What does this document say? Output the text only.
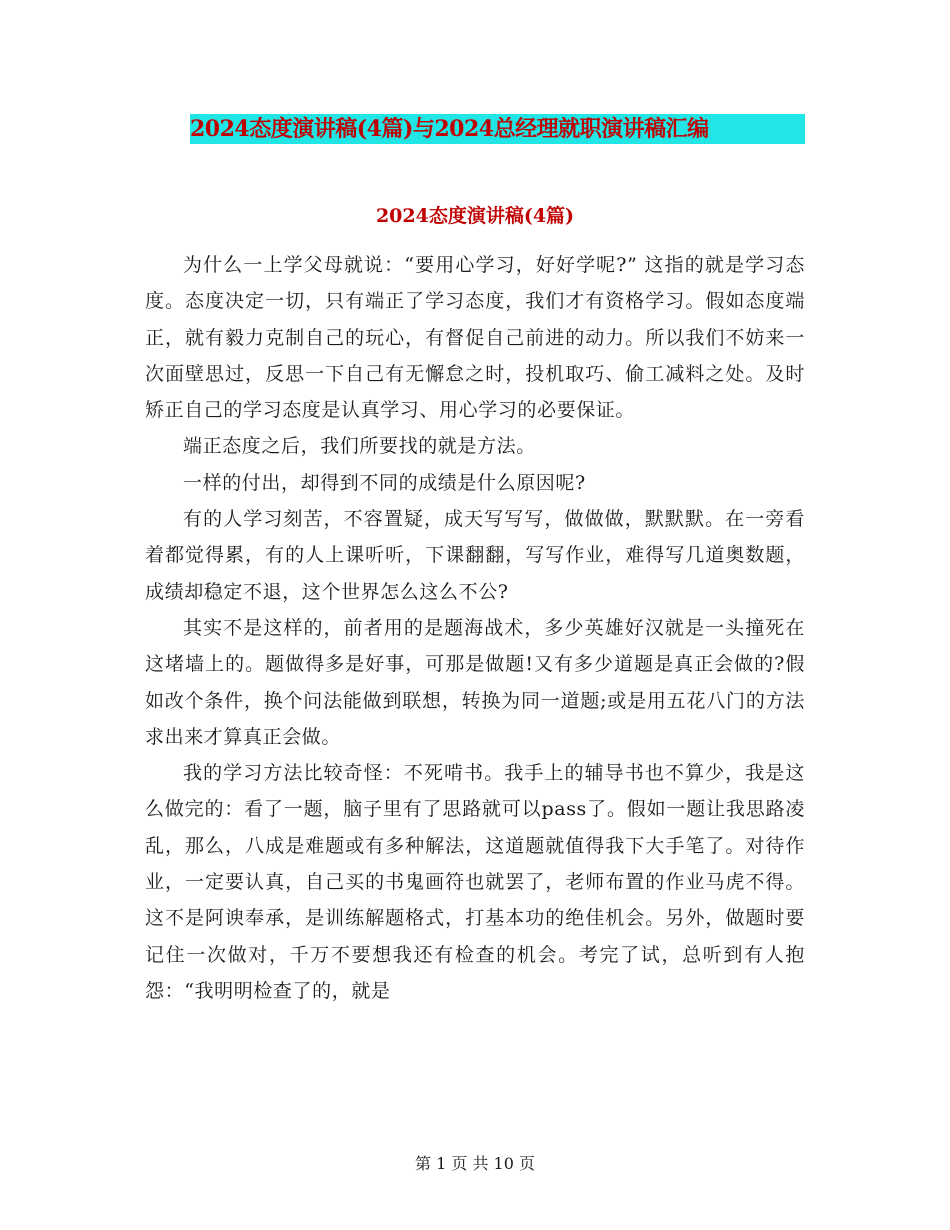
2024态度演讲稿(4篇)与2024总经理就职演讲稿汇编
2024态度演讲稿(4篇)

为什么一上学父母就说：“要用心学习，好好学呢?” 这指的就是学习态度。态度决定一切，只有端正了学习态度，我们才有资格学习。假如态度端正，就有毅力克制自己的玩心，有督促自己前进的动力。所以我们不妨来一次面壁思过，反思一下自己有无懈怠之时，投机取巧、偷工减料之处。及时矫正自己的学习态度是认真学习、用心学习的必要保证。

端正态度之后，我们所要找的就是方法。

一样的付出，却得到不同的成绩是什么原因呢?

有的人学习刻苦，不容置疑，成天写写写，做做做，默默默。在一旁看着都觉得累，有的人上课听听，下课翻翻，写写作业，难得写几道奥数题，成绩却稳定不退，这个世界怎么这么不公?

其实不是这样的，前者用的是题海战术，多少英雄好汉就是一头撞死在这堵墙上的。题做得多是好事，可那是做题!又有多少道题是真正会做的?假如改个条件，换个问法能做到联想，转换为同一道题;或是用五花八门的方法求出来才算真正会做。

我的学习方法比较奇怪：不死啃书。我手上的辅导书也不算少，我是这么做完的：看了一题，脑子里有了思路就可以pass了。假如一题让我思路凌乱，那么，八成是难题或有多种解法，这道题就值得我下大手笔了。对待作业，一定要认真，自己买的书鬼画符也就罢了，老师布置的作业马虎不得。这不是阿谀奉承，是训练解题格式，打基本功的绝佳机会。另外，做题时要记住一次做对，千万不要想我还有检查的机会。考完了试，总听到有人抱怨：“我明明检查了的，就是

第 1 页 共 10 页
